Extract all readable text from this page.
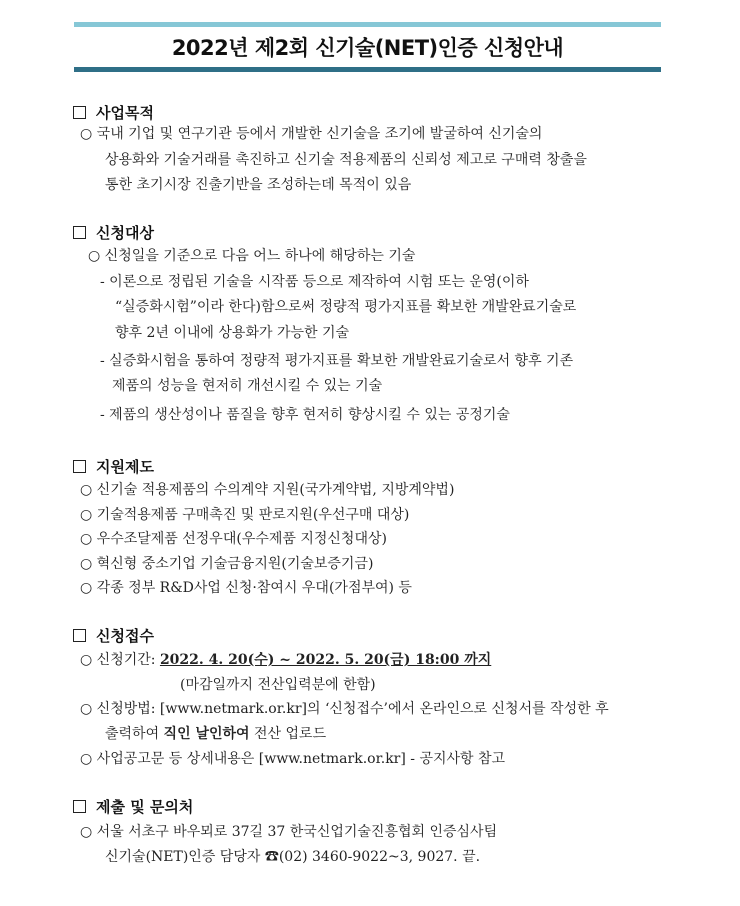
2022년 제2회 신기술(NET)인증 신청안내
사업목적
○ 국내 기업 및 연구기관 등에서 개발한 신기술을 조기에 발굴하여 신기술의
상용화와 기술거래를 촉진하고 신기술 적용제품의 신뢰성 제고로 구매력 창출을
통한 초기시장 진출기반을 조성하는데 목적이 있음
신청대상
○ 신청일을 기준으로 다음 어느 하나에 해당하는 기술
- 이론으로 정립된 기술을 시작품 등으로 제작하여 시험 또는 운영(이하
“실증화시험”이라 한다)함으로써 정량적 평가지표를 확보한 개발완료기술로
향후 2년 이내에 상용화가 가능한 기술
- 실증화시험을 통하여 정량적 평가지표를 확보한 개발완료기술로서 향후 기존
제품의 성능을 현저히 개선시킬 수 있는 기술
- 제품의 생산성이나 품질을 향후 현저히 향상시킬 수 있는 공정기술
지원제도
○ 신기술 적용제품의 수의계약 지원(국가계약법, 지방계약법)
○ 기술적용제품 구매촉진 및 판로지원(우선구매 대상)
○ 우수조달제품 선정우대(우수제품 지정신청대상)
○ 혁신형 중소기업 기술금융지원(기술보증기금)
○ 각종 정부 R&D사업 신청·참여시 우대(가점부여) 등
신청접수
○ 신청기간: 2022. 4. 20(수) ~ 2022. 5. 20(금) 18:00 까지
(마감일까지 전산입력분에 한함)
○ 신청방법: [www.netmark.or.kr]의 ‘신청접수’에서 온라인으로 신청서를 작성한 후
출력하여 직인 날인하여 전산 업로드
○ 사업공고문 등 상세내용은 [www.netmark.or.kr] - 공지사항 참고
제출 및 문의처
○ 서울 서초구 바우뫼로 37길 37 한국신업기술진흥협회 인증심사팀
신기술(NET)인증 담당자 ☎(02) 3460-9022~3, 9027. 끝.
